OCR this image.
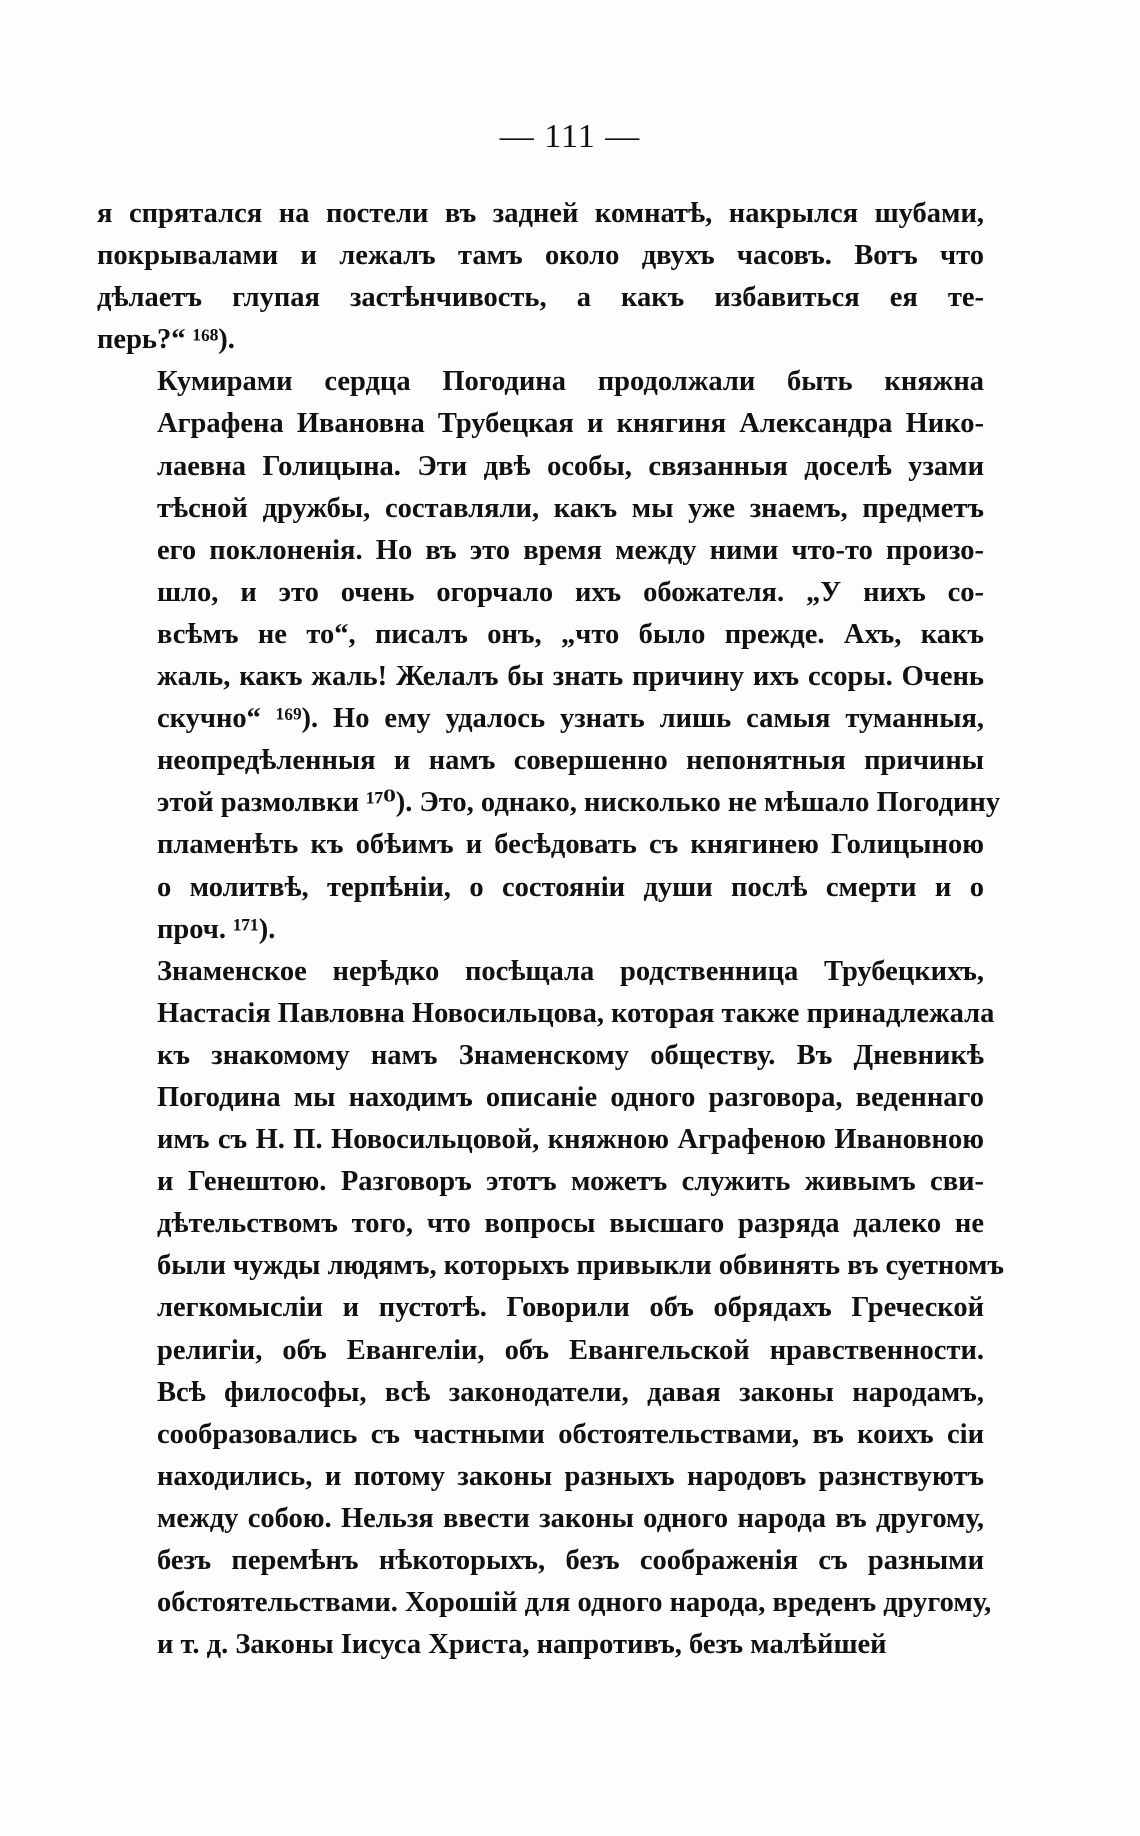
— 111 —

я спрятался на постели въ задней комнатѣ, накрылся шубами,
покрывалами и лежалъ тамъ около двухъ часовъ. Вотъ что
дѣлаетъ глупая застѣнчивость, а какъ избавиться ея те-
перь?“ ¹⁶⁸).

Кумирами сердца Погодина продолжали быть княжна
Аграфена Ивановна Трубецкая и княгиня Александра Нико-
лаевна Голицына. Эти двѣ особы, связанныя доселѣ узами
тѣсной дружбы, составляли, какъ мы уже знаемъ, предметъ
его поклоненія. Но въ это время между ними что-то произо-
шло, и это очень огорчало ихъ обожателя. „У нихъ со-
всѣмъ не то“, писалъ онъ, „что было прежде. Ахъ, какъ
жаль, какъ жаль! Желалъ бы знать причину ихъ ссоры. Очень
скучно“ ¹⁶⁹). Но ему удалось узнать лишь самыя туманныя,
неопредѣленныя и намъ совершенно непонятныя причины
этой размолвки ¹⁷⁰). Это, однако, нисколько не мѣшало Погодину
пламенѣть къ обѣимъ и бесѣдовать съ княгинею Голицыною
о молитвѣ, терпѣніи, о состояніи души послѣ смерти и о
проч. ¹⁷¹).

Знаменское нерѣдко посѣщала родственница Трубецкихъ,
Настасія Павловна Новосильцова, которая также принадлежала
къ знакомому намъ Знаменскому обществу. Въ Дневникѣ
Погодина мы находимъ описаніе одного разговора, веденнаго
имъ съ Н. П. Новосильцовой, княжною Аграфеною Ивановною
и Генештою. Разговоръ этотъ можетъ служить живымъ сви-
дѣтельствомъ того, что вопросы высшаго разряда далеко не
были чужды людямъ, которыхъ привыкли обвинять въ суетномъ
легкомысліи и пустотѣ. Говорили объ обрядахъ Греческой
религіи, объ Евангеліи, объ Евангельской нравственности.
Всѣ философы, всѣ законодатели, давая законы народамъ,
сообразовались съ частными обстоятельствами, въ коихъ сіи
находились, и потому законы разныхъ народовъ разнствуютъ
между собою. Нельзя ввести законы одного народа въ другому,
безъ перемѣнъ нѣкоторыхъ, безъ соображенія съ разными
обстоятельствами. Хорошій для одного народа, вреденъ другому,
и т. д. Законы Іисуса Христа, напротивъ, безъ малѣйшей
